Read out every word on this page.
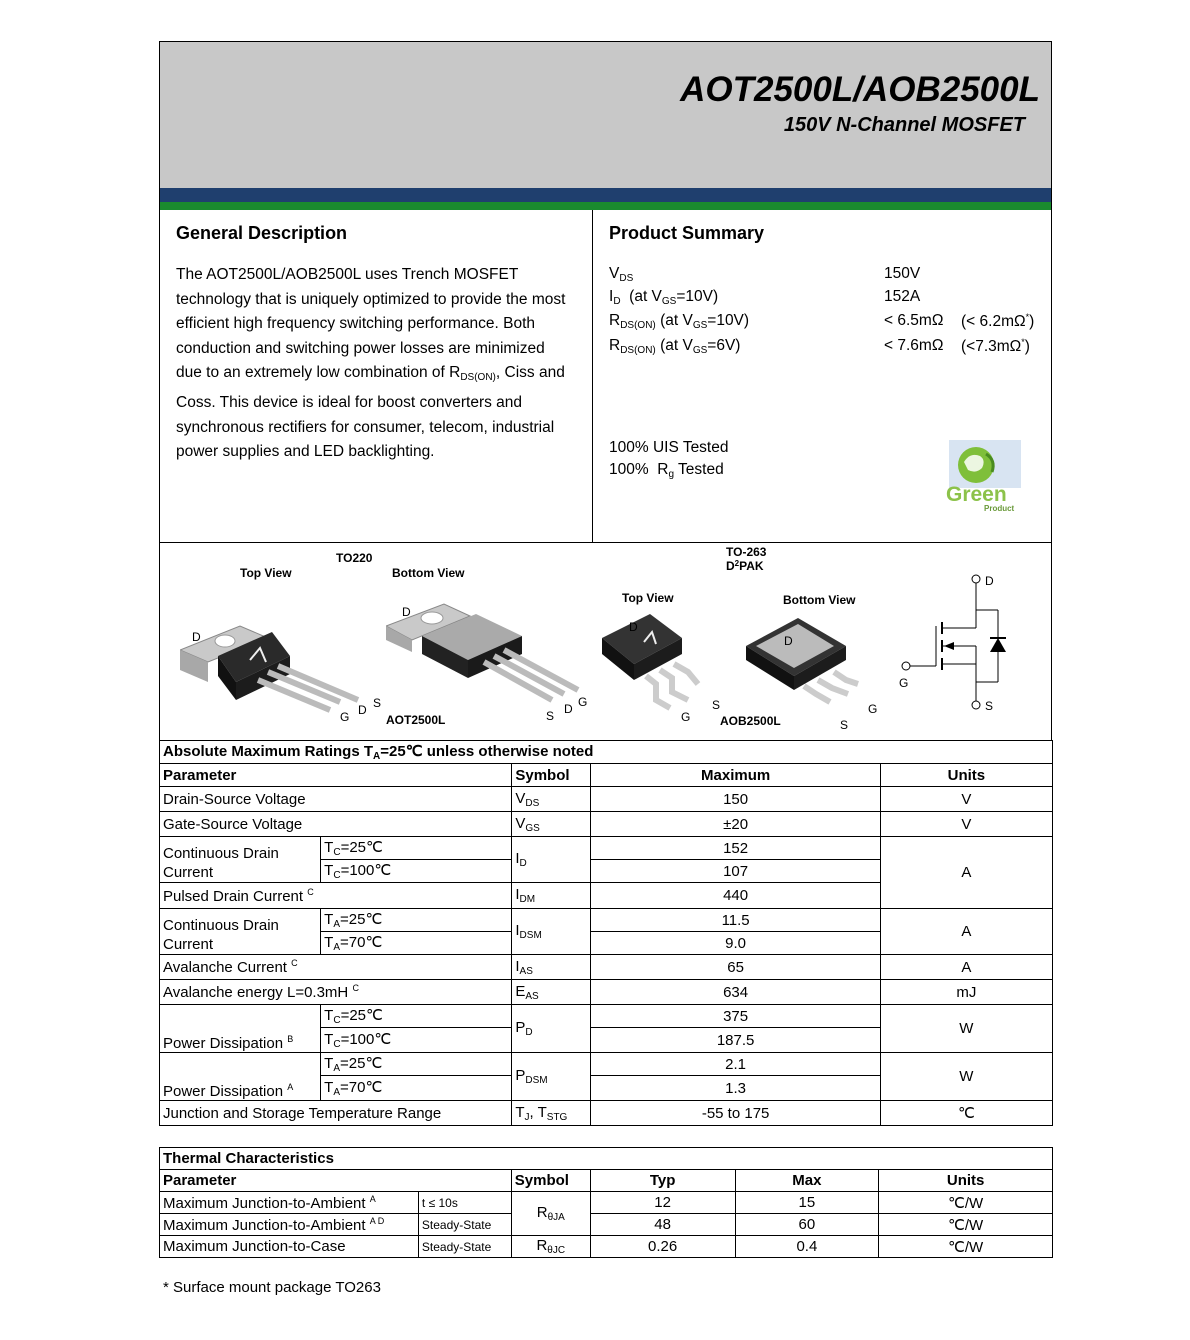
AOT2500L/AOB2500L
150V N-Channel MOSFET
General Description

The AOT2500L/AOB2500L uses Trench MOSFET

technology that is uniquely optimized to provide the most

efficient high frequency switching performance. Both

conduction and switching power losses are minimized

due to an extremely low combination of $R_{DS(ON)}$, Ciss and

Coss. This device is ideal for boost converters and

synchronous rectifiers for consumer, telecom, industrial

power supplies and LED backlighting.

Product Summary
$V_{DS}$	150V
$I_D$  (at $V_{GS}=10V$)	152A
$R_{DS(ON)}$ (at $V_{GS}=10V$)	< 6.5mΩ (< 6.2mΩ*)
$R_{DS(ON)}$ (at $V_{GS}=6V$)	< 7.6mΩ (<7.3mΩ*)
100% UIS Tested
100%  $R_g$ Tested
Green
Product
TO220
Top View	Bottom View
TO-263
$D^2PAK$
Top View	Bottom View
AOT2500L	AOB2500L
D
G D S
D
S D G
D
G
S
D
S
G
D
G
S
Absolute Maximum Ratings $T_A=25℃$ unless otherwise noted				
Parameter		Symbol	Maximum	Units
Drain-Source Voltage		$V_{DS}$	150	V
Gate-Source Voltage		$V_{GS}$	±20	V

Continuous Drain
Current	$T_C=25℃$	$I_D$	152	A
	$T_C=100℃$		107	
Pulsed Drain Current $^C$		$I_{DM}$	440	

Continuous Drain
Current	$T_A=25℃$	$I_{DSM}$	11.5	A
	$T_A=70℃$		9.0	
Avalanche Current $^C$		$I_{AS}$	65	A
Avalanche energy L=0.3mH $^C$		$E_{AS}$	634	mJ
Power Dissipation $^B$	$T_C=25℃$	$P_D$	375	W
	$T_C=100℃$		187.5	
Power Dissipation $^A$	$T_A=25℃$	$P_{DSM}$	2.1	W
	$T_A=70℃$		1.3	
Junction and Storage Temperature Range		$T_J$, $T_{STG}$	-55 to 175	℃
Thermal Characteristics					
Parameter		Symbol	Typ	Max	Units
Maximum Junction-to-Ambient $^A$	t ≤ 10s	$R_{\theta JA}$	12	15	℃/W
Maximum Junction-to-Ambient $^{A D}$	Steady-State		48	60	℃/W
Maximum Junction-to-Case	Steady-State	$R_{\theta JC}$	0.26	0.4	℃/W
* Surface mount package TO263
